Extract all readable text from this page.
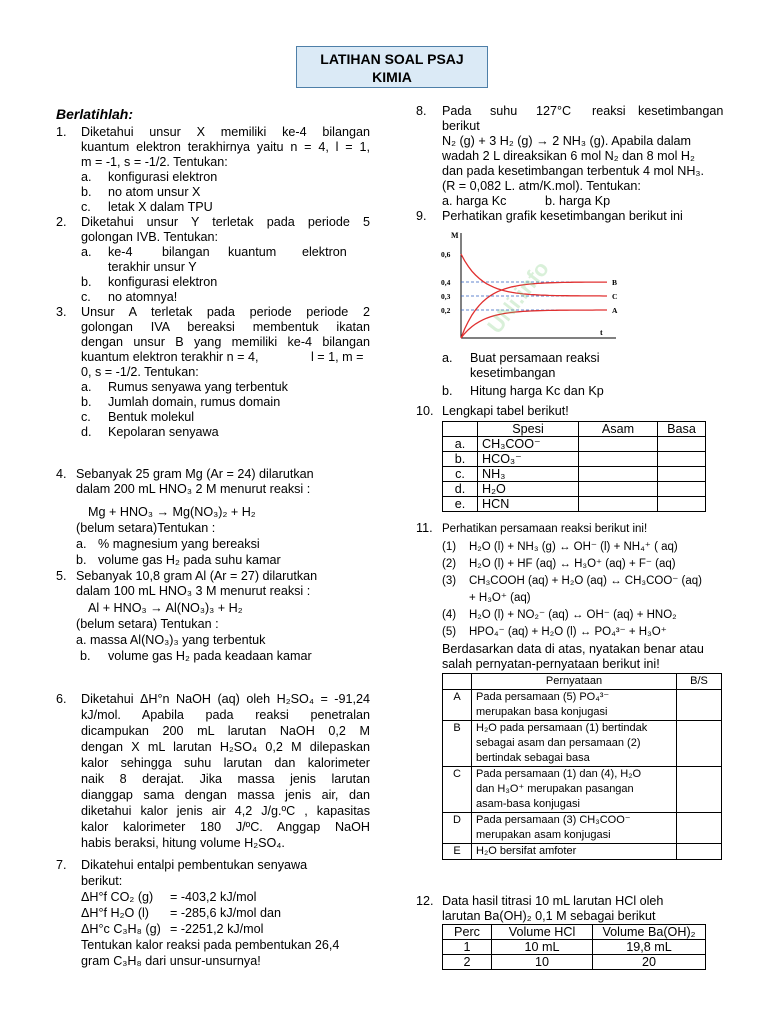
LATIHAN SOAL PSAJ
KIMIA
Berlatihlah:
1. Diketahui unsur X memiliki ke-4 bilangan
kuantum elektron terakhirnya yaitu n = 4, l = 1,
m = -1, s = -1/2. Tentukan:
a. konfigurasi elektron
b. no atom unsur X
c. letak X dalam TPU
2. Diketahui unsur Y terletak pada periode 5
golongan IVB. Tentukan:
a. ke-4 bilangan kuantum elektron
terakhir unsur Y
b. konfigurasi elektron
c. no atomnya!
3. Unsur A terletak pada periode periode 2
golongan IVA bereaksi membentuk ikatan
dengan unsur B yang memiliki ke-4 bilangan
kuantum elektron terakhir n = 4,	l = 1, m =
0, s = -1/2. Tentukan:
a. Rumus senyawa yang terbentuk
b. Jumlah domain, rumus domain
c. Bentuk molekul
d. Kepolaran senyawa
4. Sebanyak 25 gram Mg (Ar = 24) dilarutkan
dalam 200 mL HNO₃ 2 M menurut reaksi :
Mg + HNO₃ → Mg(NO₃)₂ + H₂
(belum setara)Tentukan :
a. % magnesium yang bereaksi
b. volume gas H₂ pada suhu kamar
5. Sebanyak 10,8 gram Al (Ar = 27) dilarutkan
dalam 100 mL HNO₃ 3 M menurut reaksi :
Al + HNO₃ → Al(NO₃)₃ + H₂
(belum setara) Tentukan :
a. massa Al(NO₃)₃ yang terbentuk
b. volume gas H₂ pada keadaan kamar
6. Diketahui ΔH°n NaOH (aq) oleh H₂SO₄ = -91,24
kJ/mol. Apabila pada reaksi penetralan
dicampukan 200 mL larutan NaOH 0,2 M
dengan X mL larutan H₂SO₄ 0,2 M dilepaskan
kalor sehingga suhu larutan dan kalorimeter
naik 8 derajat. Jika massa jenis larutan
dianggap sama dengan massa jenis air, dan
diketahui kalor jenis air 4,2 J/g.ºC , kapasitas
kalor kalorimeter 180 J/ºC. Anggap NaOH
habis beraksi, hitung volume H₂SO₄.
7. Dikatehui entalpi pembentukan senyawa
berikut:
ΔH°f CO₂ (g) = -403,2 kJ/mol
ΔH°f H₂O (l) = -285,6 kJ/mol dan
ΔH°c C₃H₈ (g) = -2251,2 kJ/mol
Tentukan kalor reaksi pada pembentukan 26,4
gram C₃H₈ dari unsur-unsurnya!
8. Pada suhu 127°C reaksi kesetimbangan
berikut
N₂ (g) + 3 H₂ (g) → 2 NH₃ (g). Apabila dalam
wadah 2 L direaksikan 6 mol N₂ dan 8 mol H₂
dan pada kesetimbangan terbentuk 4 mol NH₃.
(R = 0,082 L. atm/K.mol). Tentukan:
a. harga Kc	b. harga Kp
9. Perhatikan grafik kesetimbangan berikut ini
M
t
0,6
0,4
0,3
0,2
B
C
A
UNi.info
a. Buat persamaan reaksi
kesetimbangan
b. Hitung harga Kc dan Kp
10. Lengkapi tabel berikut!
	Spesi	Asam	Basa
a.	CH₃COO⁻		
b.	HCO₃⁻		
c.	NH₃		
d.	H₂O		
e.	HCN		
11. Perhatikan persamaan reaksi berikut ini!
(1) H₂O (l) + NH₃ (g) ↔ OH⁻ (l) + NH₄⁺ ( aq)
(2) H₂O (l) + HF (aq) ↔ H₃O⁺ (aq) + F⁻ (aq)
(3) CH₃COOH (aq) + H₂O (aq) ↔ CH₃COO⁻ (aq)
+ H₃O⁺ (aq)
(4) H₂O (l) + NO₂⁻ (aq) ↔ OH⁻ (aq) + HNO₂
(5) HPO₄⁻ (aq) + H₂O (l) ↔ PO₄³⁻ + H₃O⁺
Berdasarkan data di atas, nyatakan benar atau
salah pernyatan-pernyataan berikut ini!
	Pernyataan	B/S
A	Pada persamaan (5) PO₄³⁻
merupakan basa konjugasi	

B	H₂O pada persamaan (1) bertindak
sebagai asam dan persamaan (2)
bertindak sebagai basa	

C	Pada persamaan (1) dan (4), H₂O
dan H₃O⁺ merupakan pasangan
asam-basa konjugasi	

D	Pada persamaan (3) CH₃COO⁻
merupakan asam konjugasi	

E	H₂O bersifat amfoter	

12. Data hasil titrasi 10 mL larutan HCl oleh
larutan Ba(OH)₂ 0,1 M sebagai berikut
Perc	Volume HCl	Volume Ba(OH)₂
1	10 mL	19,8 mL
2	10	20
